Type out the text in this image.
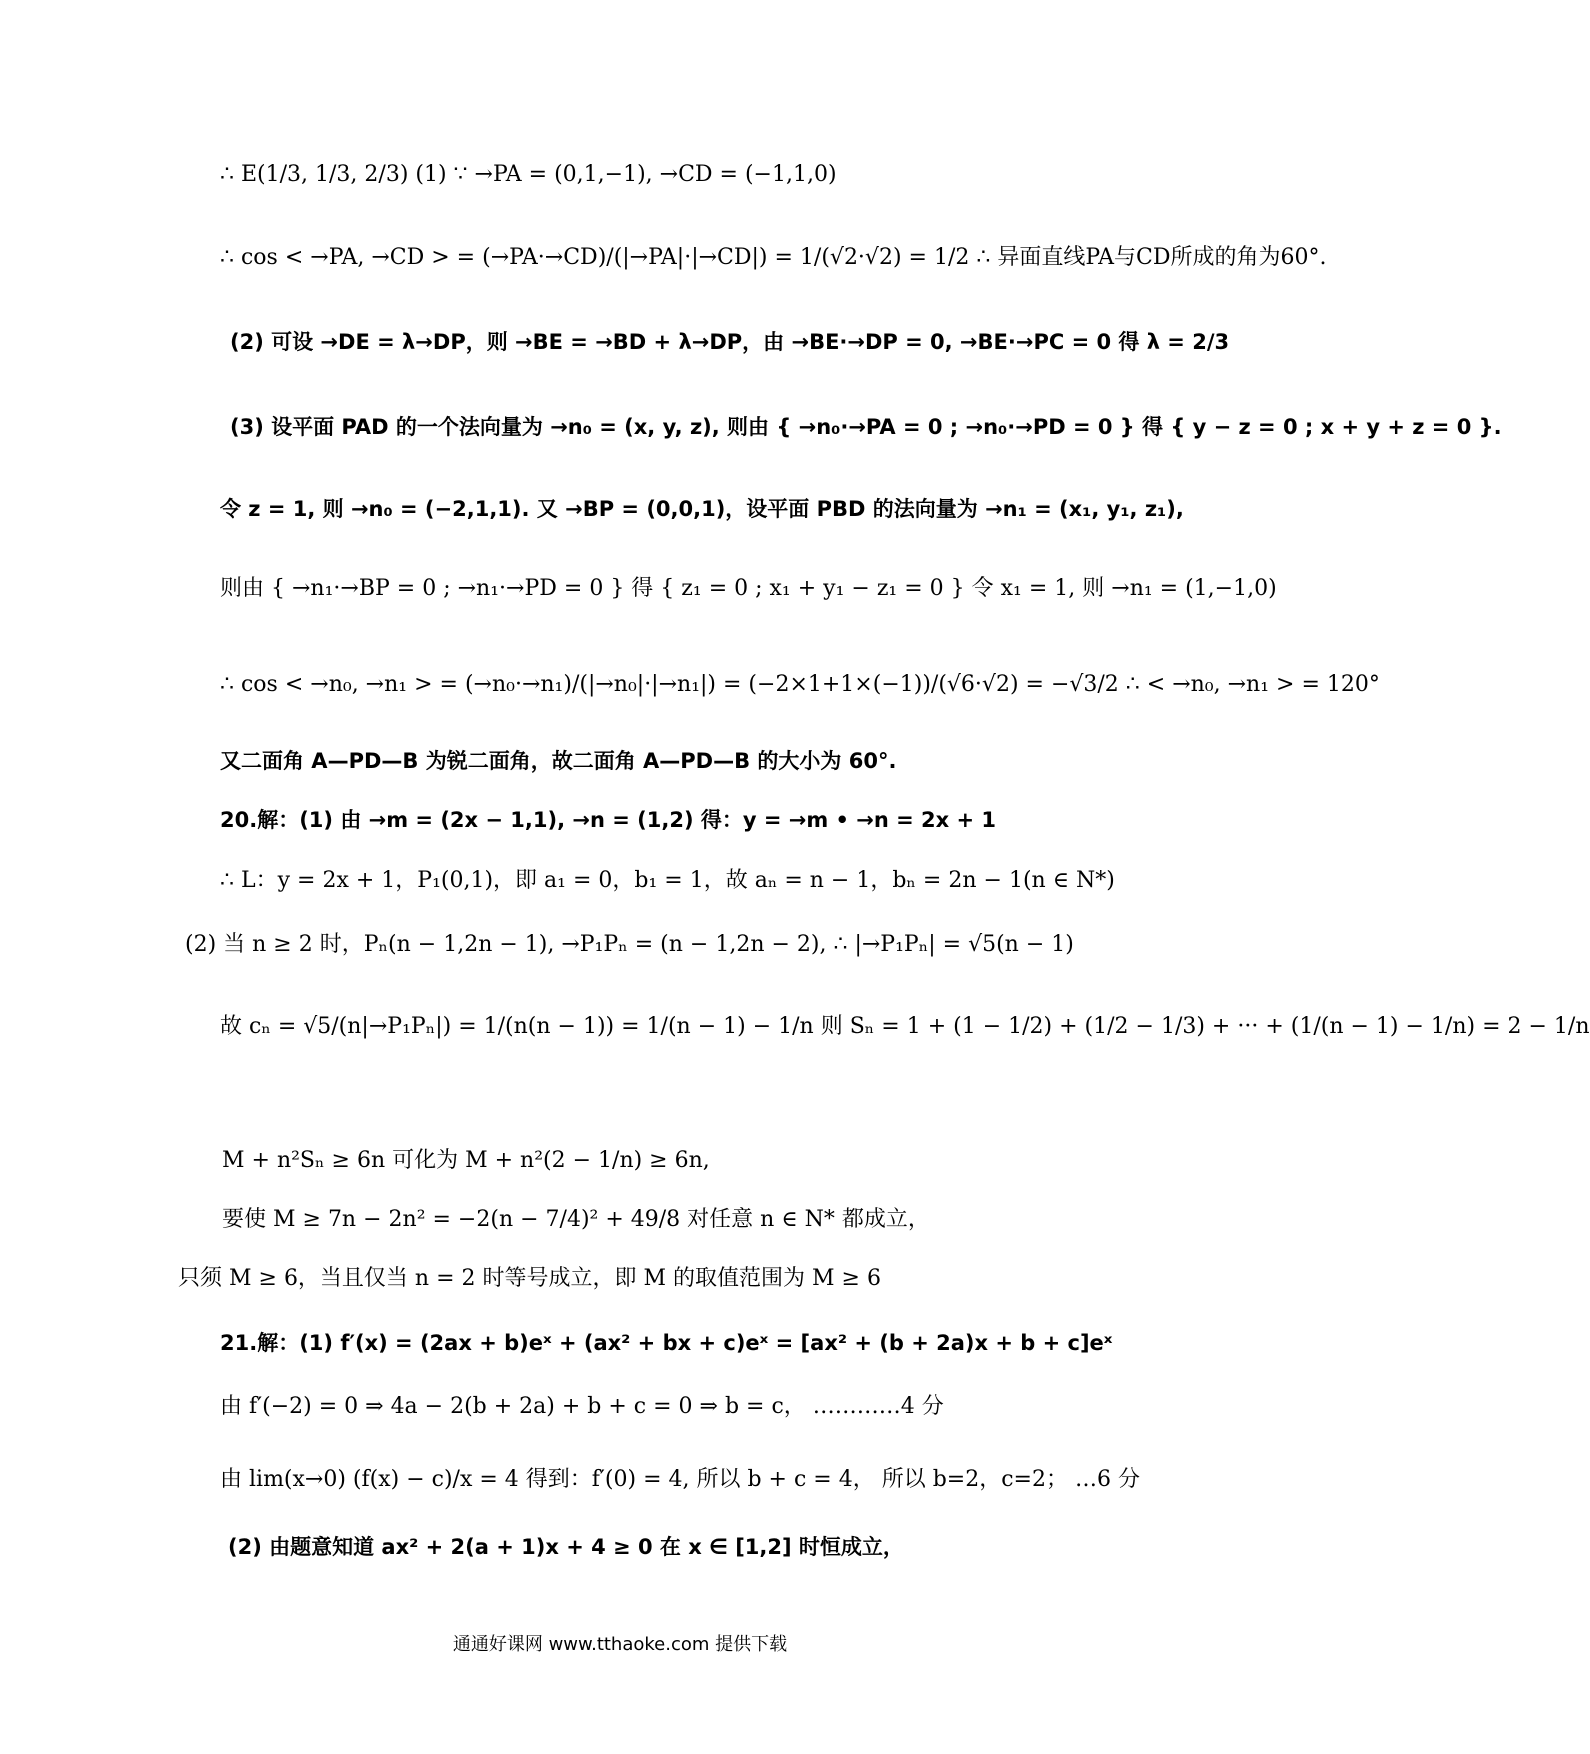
∴ E(1/3, 1/3, 2/3) (1) ∵ →PA = (0,1,−1), →CD = (−1,1,0)
∴ cos < →PA, →CD > = (→PA·→CD)/(|→PA|·|→CD|) = 1/(√2·√2) = 1/2 ∴ 异面直线PA与CD所成的角为60°.
(2) 可设 →DE = λ→DP，则 →BE = →BD + λ→DP，由 →BE·→DP = 0, →BE·→PC = 0 得 λ = 2/3
(3) 设平面 PAD 的一个法向量为 →n₀ = (x, y, z), 则由 { →n₀·→PA = 0 ; →n₀·→PD = 0 } 得 { y − z = 0 ; x + y + z = 0 }.
令 z = 1, 则 →n₀ = (−2,1,1). 又 →BP = (0,0,1)，设平面 PBD 的法向量为 →n₁ = (x₁, y₁, z₁),
则由 { →n₁·→BP = 0 ; →n₁·→PD = 0 } 得 { z₁ = 0 ; x₁ + y₁ − z₁ = 0 } 令 x₁ = 1, 则 →n₁ = (1,−1,0)
∴ cos < →n₀, →n₁ > = (→n₀·→n₁)/(|→n₀|·|→n₁|) = (−2×1+1×(−1))/(√6·√2) = −√3/2 ∴ < →n₀, →n₁ > = 120°
又二面角 A—PD—B 为锐二面角，故二面角 A—PD—B 的大小为 60°.
20.解：(1) 由 →m = (2x − 1,1), →n = (1,2) 得：y = →m • →n = 2x + 1
∴ L：y = 2x + 1，P₁(0,1)，即 a₁ = 0，b₁ = 1，故 aₙ = n − 1，bₙ = 2n − 1(n ∈ N*)
(2) 当 n ≥ 2 时，Pₙ(n − 1,2n − 1), →P₁Pₙ = (n − 1,2n − 2), ∴ |→P₁Pₙ| = √5(n − 1)
故 cₙ = √5/(n|→P₁Pₙ|) = 1/(n(n − 1)) = 1/(n − 1) − 1/n 则 Sₙ = 1 + (1 − 1/2) + (1/2 − 1/3) + ··· + (1/(n − 1) − 1/n) = 2 − 1/n
M + n²Sₙ ≥ 6n 可化为 M + n²(2 − 1/n) ≥ 6n,
要使 M ≥ 7n − 2n² = −2(n − 7/4)² + 49/8 对任意 n ∈ N* 都成立，
只须 M ≥ 6，当且仅当 n = 2 时等号成立，即 M 的取值范围为 M ≥ 6
21.解：(1) f′(x) = (2ax + b)eˣ + (ax² + bx + c)eˣ = [ax² + (b + 2a)x + b + c]eˣ
由 f′(−2) = 0 ⇒ 4a − 2(b + 2a) + b + c = 0 ⇒ b = c， …………4 分
由 lim(x→0) (f(x) − c)/x = 4 得到：f′(0) = 4, 所以 b + c = 4， 所以 b=2，c=2； …6 分
(2) 由题意知道 ax² + 2(a + 1)x + 4 ≥ 0 在 x ∈ [1,2] 时恒成立，
通通好课网 www.tthaoke.com 提供下载
